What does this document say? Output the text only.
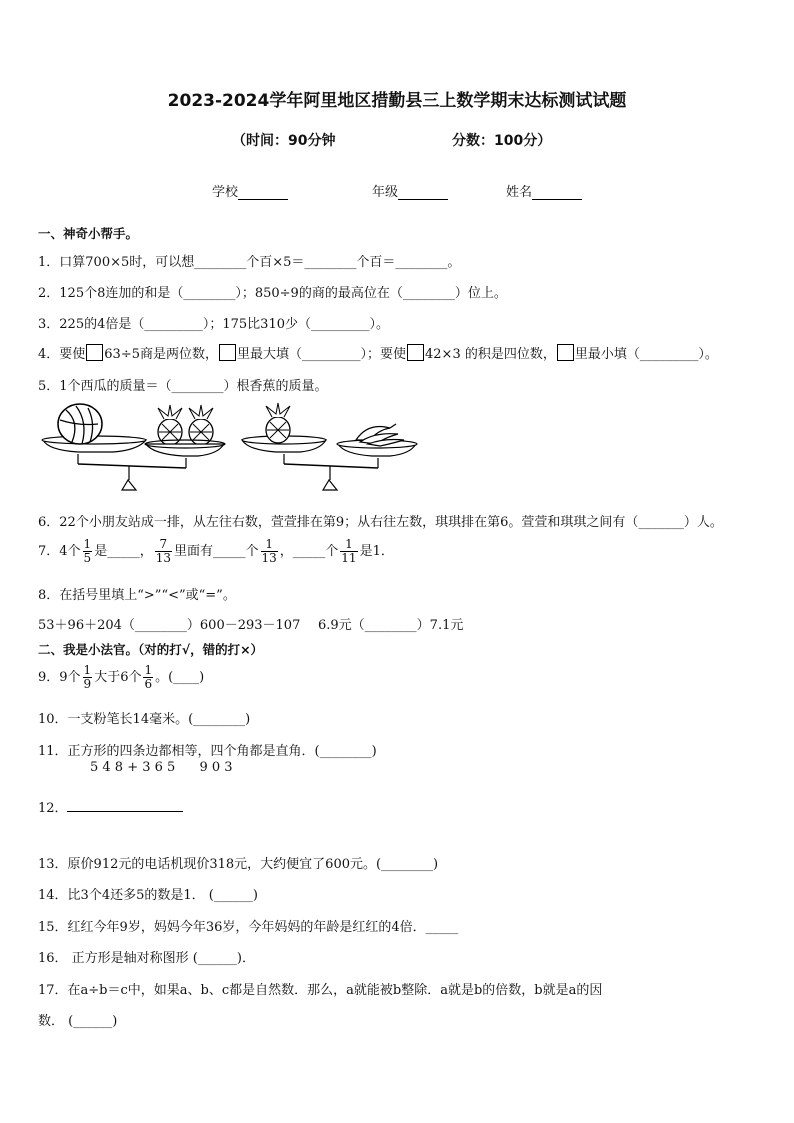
2023-2024学年阿里地区措勤县三上数学期末达标测试试题
（时间：90分钟	分数：100分）
学校	年级	姓名
一、神奇小帮手。
1．口算700×5时，可以想________个百×5＝________个百＝________。
2．125个8连加的和是（________）；850÷9的商的最高位在（________）位上。
3．225的4倍是（_________）；175比310少（_________）。
4．要使 63÷5商是两位数， 里最大填（_________）；要使 42×3 的积是四位数， 里最小填（_________）。
5．1个西瓜的质量＝（________）根香蕉的质量。
6．22个小朋友站成一排，从左往右数，萱萱排在第9；从右往左数，琪琪排在第6。萱萱和琪琪之间有（_______）人。
7．4个 $\frac{1}{5}$ 是_____， $\frac{7}{13}$ 里面有_____个 $\frac{1}{13}$ ，_____个 $\frac{1}{11}$ 是1．
8．在括号里填上“>”“<”或“=”。
53＋96＋204（________）600－293－107 6.9元（________）7.1元
二、我是小法官。（对的打√，错的打×）
9．9个 $\frac{1}{9}$ 大于6个 $\frac{1}{6}$ 。(____)
10．一支粉笔长14毫米。(________)
11．正方形的四条边都相等，四个角都是直角．(________)
12．
5 4 8 + 3 6 5 9 0 3
13．原价912元的电话机现价318元，大约便宜了600元。(________)
14．比3个4还多5的数是1． (______)
15．红红今年9岁，妈妈今年36岁，今年妈妈的年龄是红红的4倍．_____
16． 正方形是轴对称图形 (______)．
17．在a÷b＝c中，如果a、b、c都是自然数．那么，a就能被b整除．a就是b的倍数，b就是a的因
数． (______)
